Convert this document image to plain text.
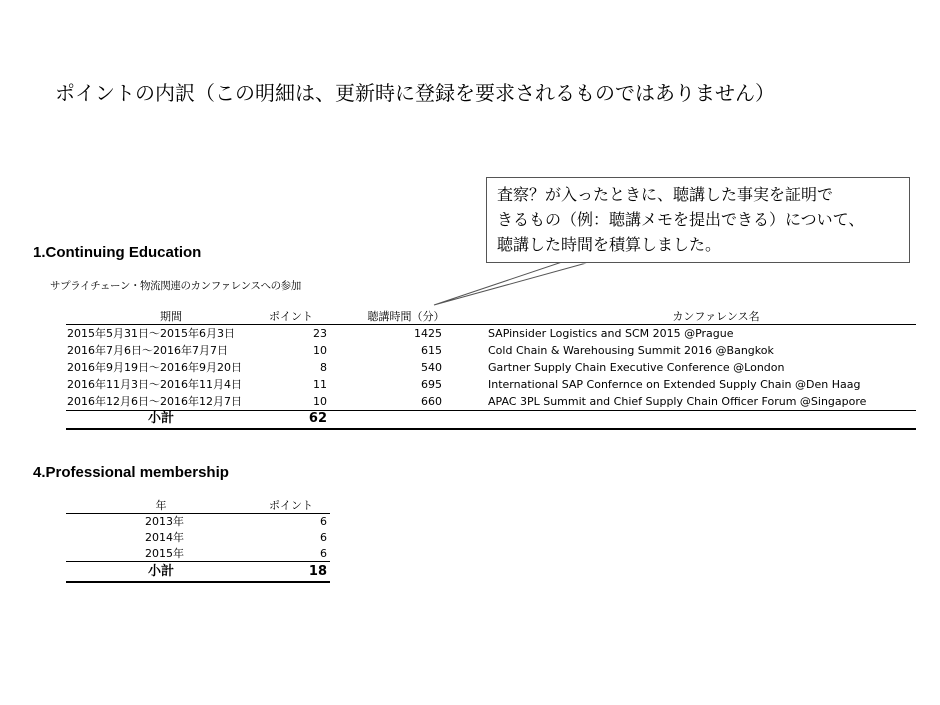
ポイントの内訳（この明細は、更新時に登録を要求されるものではありません）
査察？が入ったときに、聴講した事実を証明で
きるもの（例：聴講メモを提出できる）について、
聴講した時間を積算しました。
1.Continuing Education
サプライチェーン・物流関連のカンファレンスへの参加
期間	ポイント	聴講時間（分）	カンファレンス名
2015年5月31日～2015年6月3日	23	1425	SAPinsider Logistics and SCM 2015 @Prague
2016年7月6日～2016年7月7日	10	615	Cold Chain & Warehousing Summit 2016 @Bangkok
2016年9月19日～2016年9月20日	8	540	Gartner Supply Chain Executive Conference @London
2016年11月3日～2016年11月4日	11	695	International SAP Confernce on Extended Supply Chain @Den Haag
2016年12月6日～2016年12月7日	10	660	APAC 3PL Summit and Chief Supply Chain Officer Forum @Singapore
小計	62
4.Professional membership
年	ポイント
2013年	6
2014年	6
2015年	6
小計	18
